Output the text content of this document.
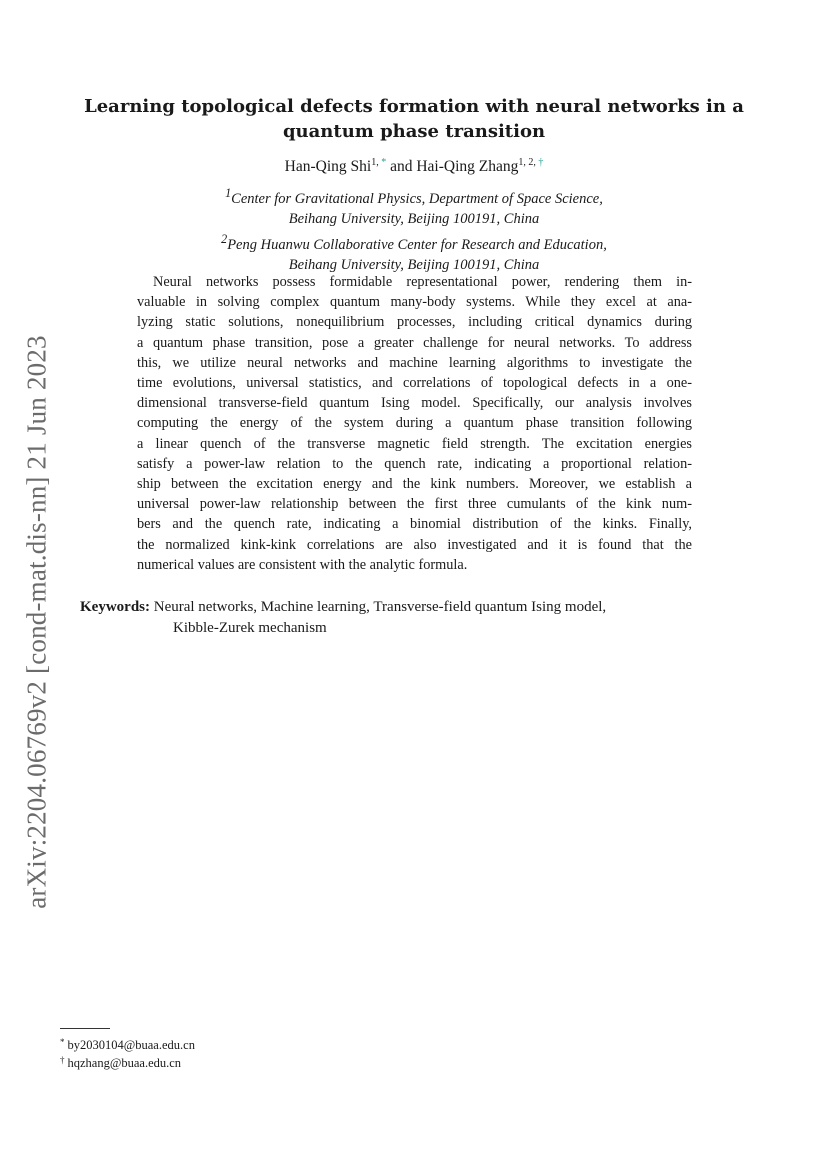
arXiv:2204.06769v2 [cond-mat.dis-nn] 21 Jun 2023
Learning topological defects formation with neural networks in a
quantum phase transition
Han-Qing Shi$^{1, *}$ and Hai-Qing Zhang$^{1, 2, \dagger}$
$^1$Center for Gravitational Physics, Department of Space Science,
Beihang University, Beijing 100191, China
$^2$Peng Huanwu Collaborative Center for Research and Education,
Beihang University, Beijing 100191, China
Neural networks possess formidable representational power, rendering them in-
valuable in solving complex quantum many-body systems. While they excel at ana-
lyzing static solutions, nonequilibrium processes, including critical dynamics during
a quantum phase transition, pose a greater challenge for neural networks. To address
this, we utilize neural networks and machine learning algorithms to investigate the
time evolutions, universal statistics, and correlations of topological defects in a one-
dimensional transverse-field quantum Ising model. Specifically, our analysis involves
computing the energy of the system during a quantum phase transition following
a linear quench of the transverse magnetic field strength. The excitation energies
satisfy a power-law relation to the quench rate, indicating a proportional relation-
ship between the excitation energy and the kink numbers. Moreover, we establish a
universal power-law relationship between the first three cumulants of the kink num-
bers and the quench rate, indicating a binomial distribution of the kinks. Finally,
the normalized kink-kink correlations are also investigated and it is found that the
numerical values are consistent with the analytic formula.
Keywords: Neural networks, Machine learning, Transverse-field quantum Ising model,
Kibble-Zurek mechanism
* by2030104@buaa.edu.cn
† hqzhang@buaa.edu.cn
